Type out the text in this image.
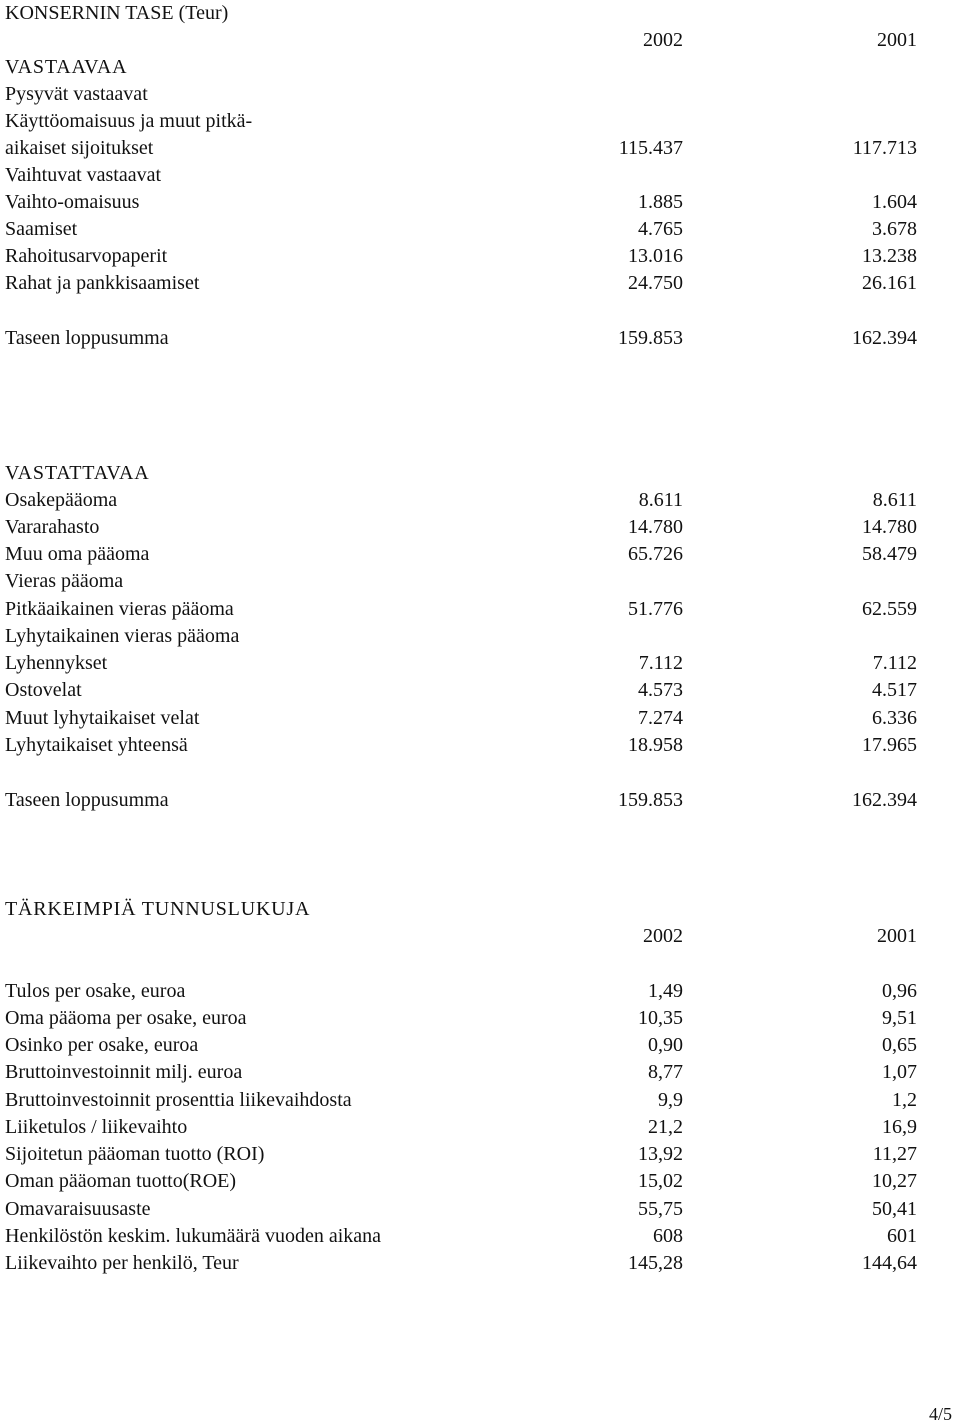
KONSERNIN TASE (Teur)
2002	2001
VASTAAVAA
Pysyvät vastaavat
Käyttöomaisuus ja muut pitkä-
aikaiset sijoitukset	115.437	117.713
Vaihtuvat vastaavat
Vaihto-omaisuus	1.885	1.604
Saamiset	4.765	3.678
Rahoitusarvopaperit	13.016	13.238
Rahat ja pankkisaamiset	24.750	26.161
Taseen loppusumma	159.853	162.394
VASTATTAVAA
Osakepääoma	8.611	8.611
Vararahasto	14.780	14.780
Muu oma pääoma	65.726	58.479
Vieras pääoma
Pitkäaikainen vieras pääoma	51.776	62.559
Lyhytaikainen vieras pääoma
Lyhennykset	7.112	7.112
Ostovelat	4.573	4.517
Muut lyhytaikaiset velat	7.274	6.336
Lyhytaikaiset yhteensä	18.958	17.965
Taseen loppusumma	159.853	162.394
TÄRKEIMPIÄ TUNNUSLUKUJA
2002	2001
Tulos per osake, euroa	1,49	0,96
Oma pääoma per osake, euroa	10,35	9,51
Osinko per osake, euroa	0,90	0,65
Bruttoinvestoinnit milj. euroa	8,77	1,07
Bruttoinvestoinnit prosenttia liikevaihdosta	9,9	1,2
Liiketulos / liikevaihto	21,2	16,9
Sijoitetun pääoman tuotto (ROI)	13,92	11,27
Oman pääoman tuotto(ROE)	15,02	10,27
Omavaraisuusaste	55,75	50,41
Henkilöstön keskim. lukumäärä vuoden aikana	608	601
Liikevaihto per henkilö, Teur	145,28	144,64
4/5
